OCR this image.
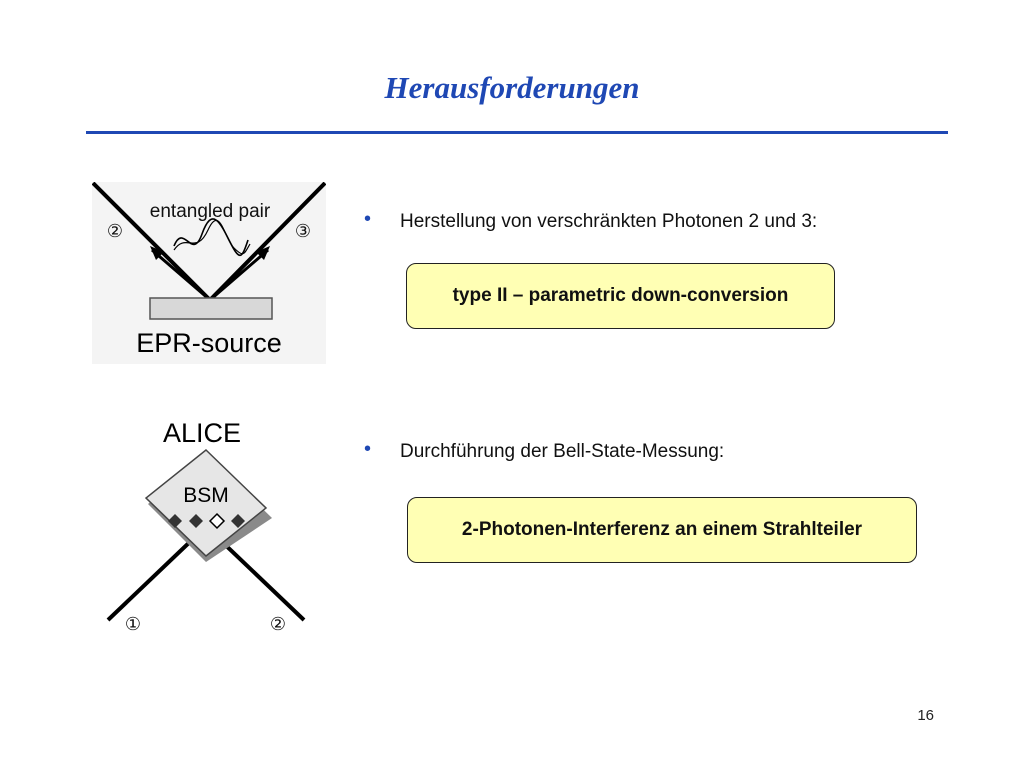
Herausforderungen
entangled pair
②	③
EPR-source
ALICE
BSM
①	②
• Herstellung von verschränkten Photonen 2 und 3:
type II – parametric down-conversion
• Durchführung der Bell-State-Messung:
2-Photonen-Interferenz an einem Strahlteiler
16
